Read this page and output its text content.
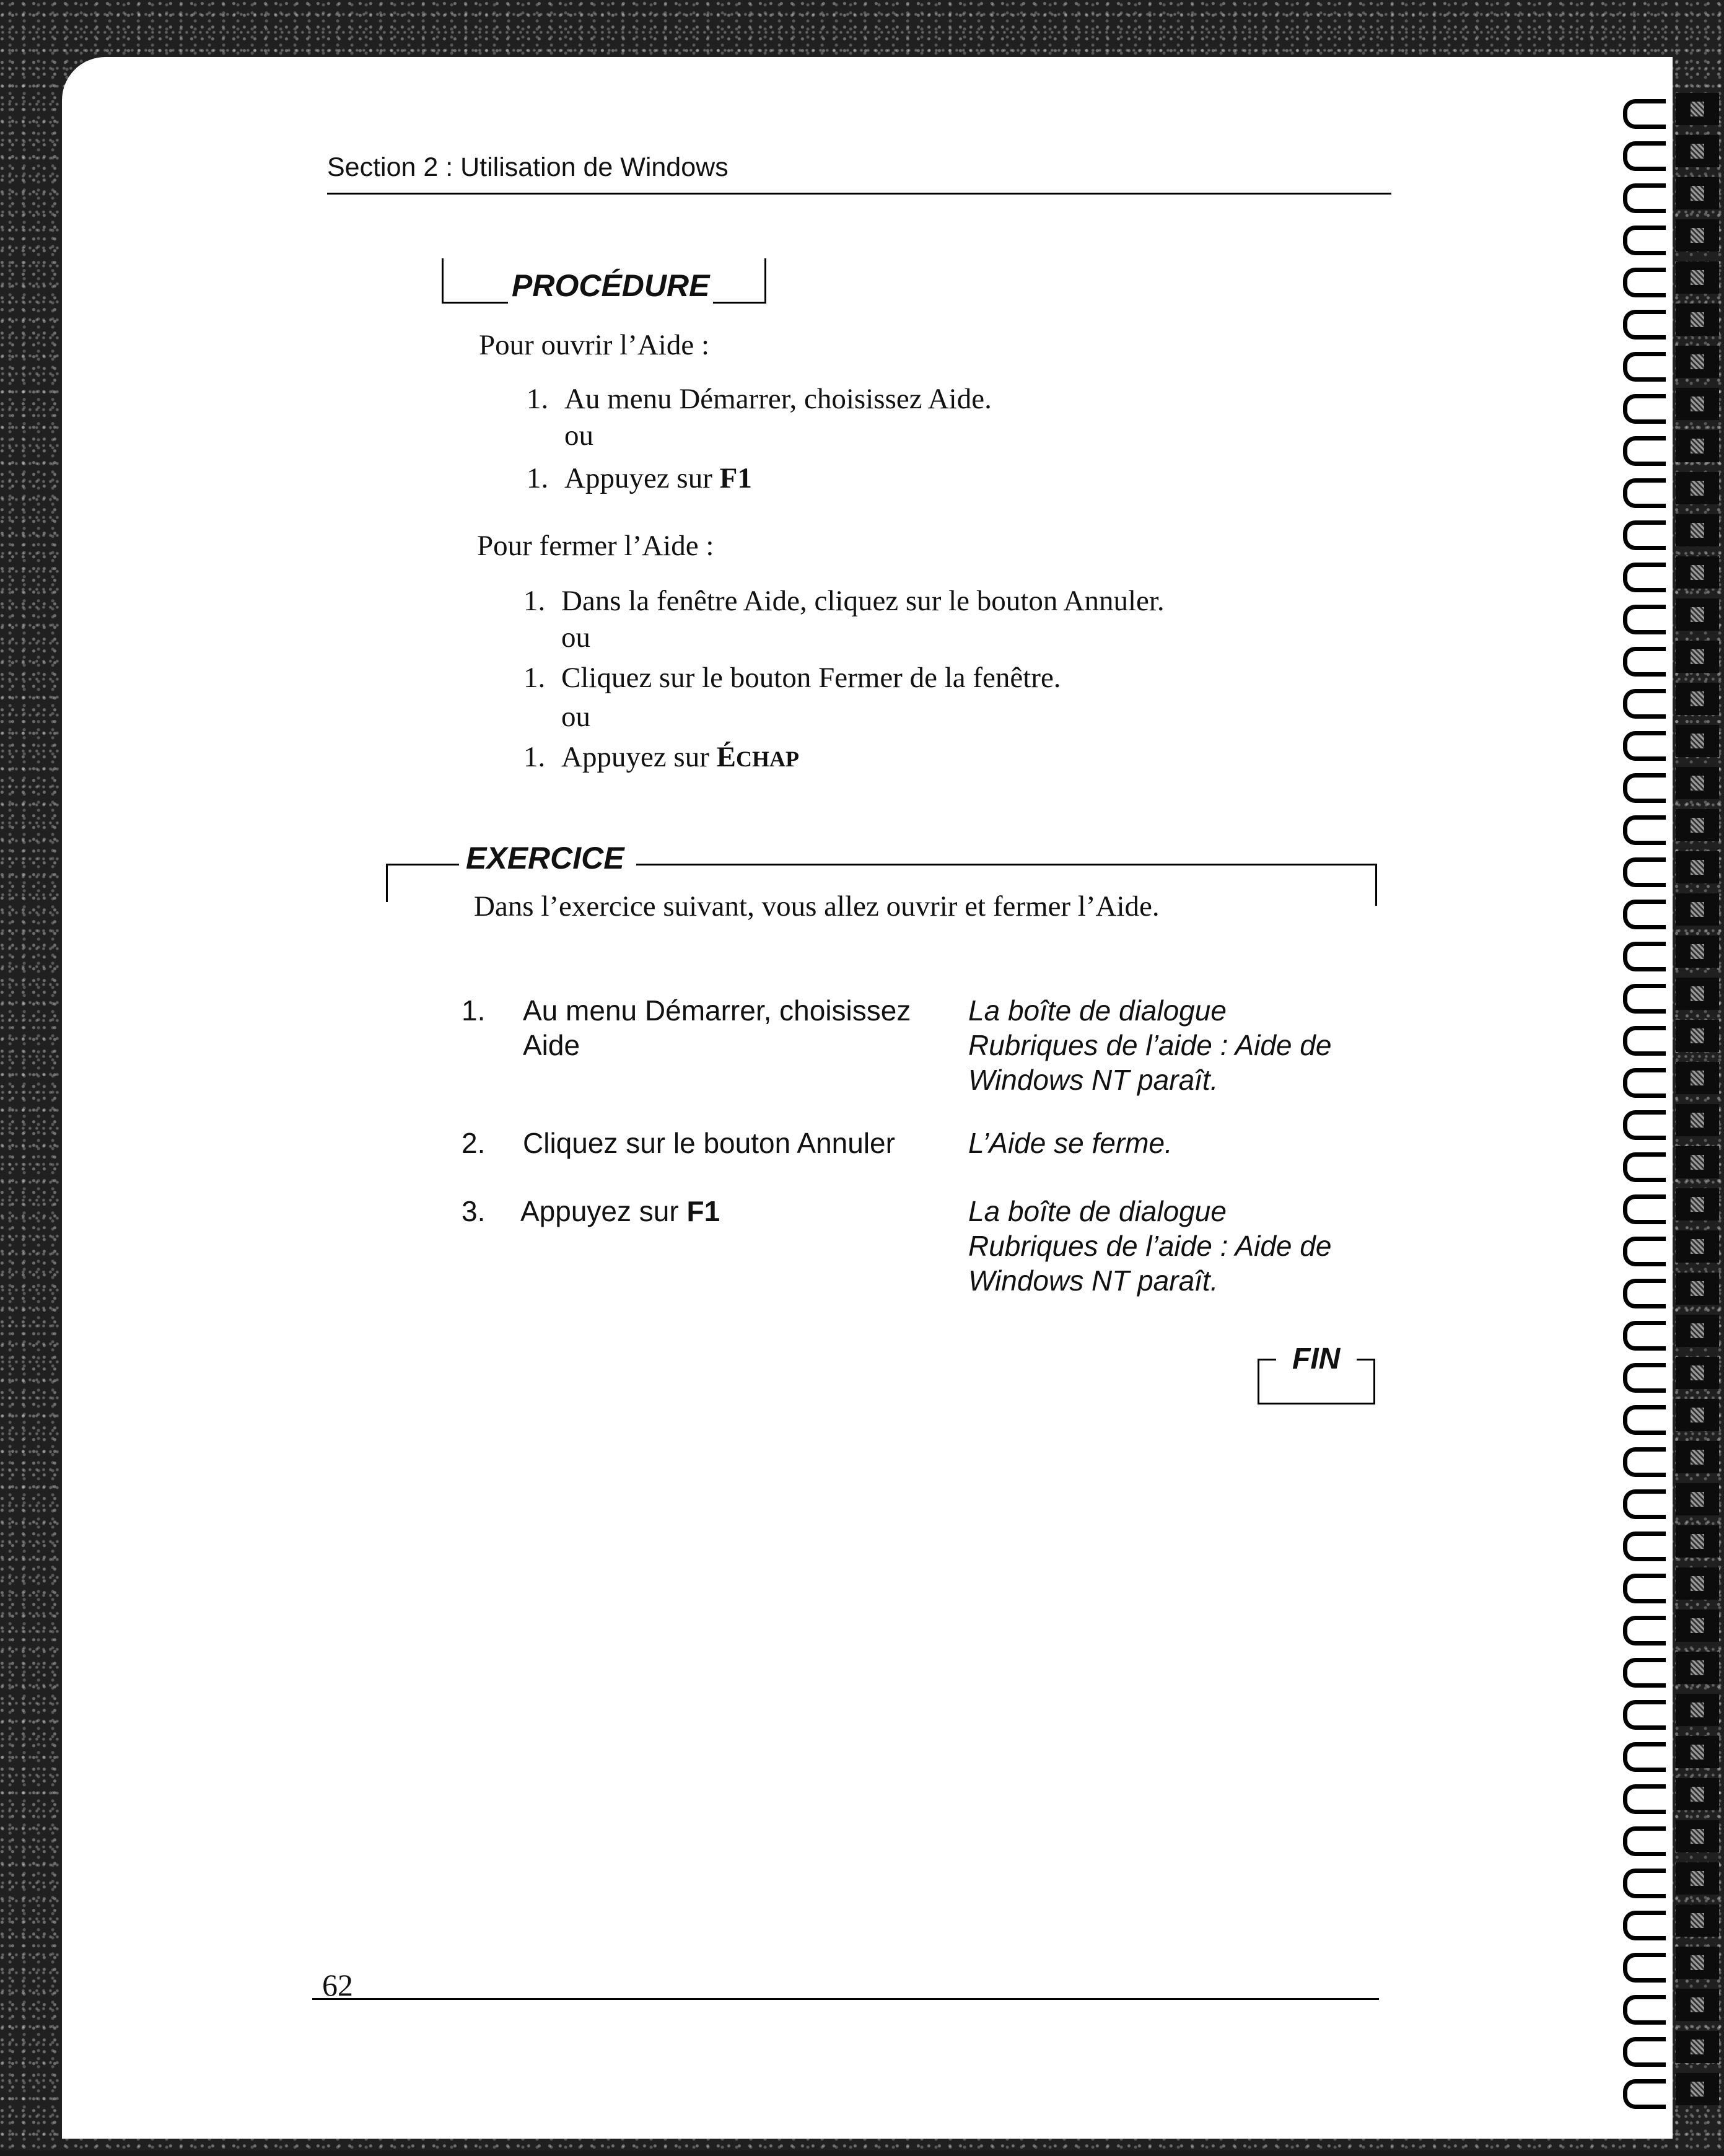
Section 2 : Utilisation de Windows
PROCÉDURE
Pour ouvrir l’Aide :
1. Au menu Démarrer, choisissez Aide.
ou
1. Appuyez sur F1
Pour fermer l’Aide :
1. Dans la fenêtre Aide, cliquez sur le bouton Annuler.
ou
1. Cliquez sur le bouton Fermer de la fenêtre.
ou
1. Appuyez sur ÉCHAP
EXERCICE
Dans l’exercice suivant, vous allez ouvrir et fermer l’Aide.
1. Au menu Démarrer, choisissez
Aide
La boîte de dialogue
Rubriques de l’aide : Aide de
Windows NT paraît.
2. Cliquez sur le bouton Annuler	L’Aide se ferme.
3. Appuyez sur F1	La boîte de dialogue
Rubriques de l’aide : Aide de
Windows NT paraît.
FIN
62
